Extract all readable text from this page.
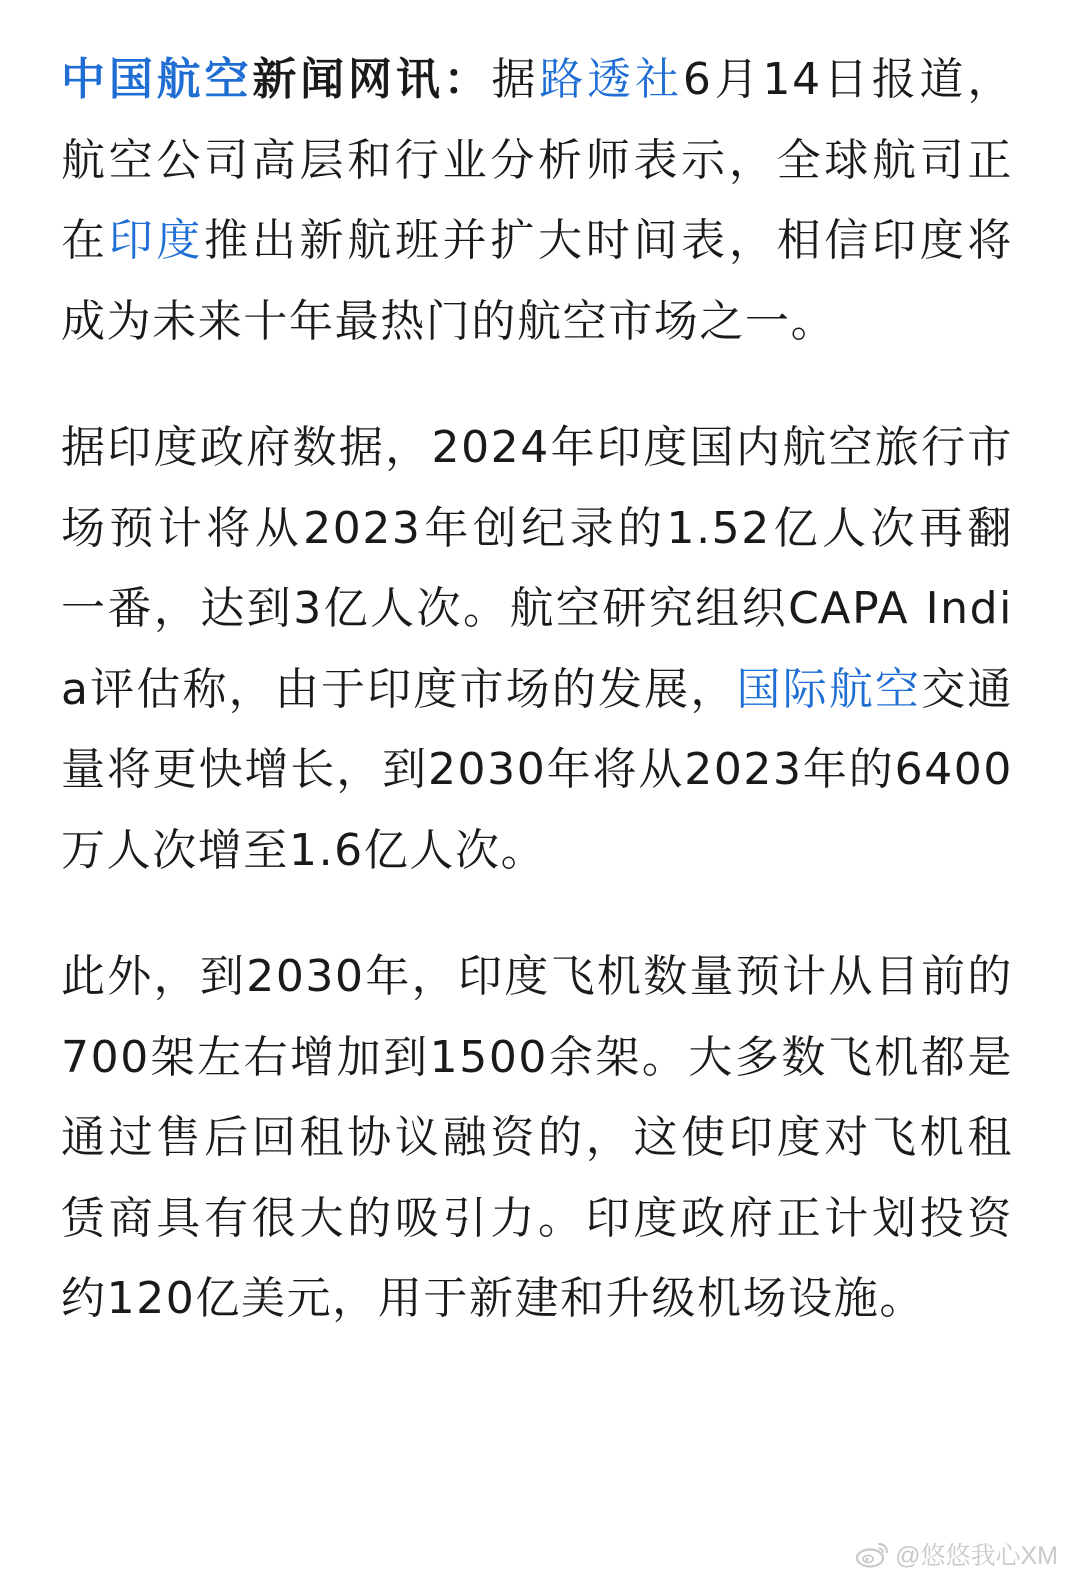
中国航空新闻网讯：据路透社6月14日报道，航空公司高层和行业分析师表示，全球航司正在印度推出新航班并扩大时间表，相信印度将成为未来十年最热门的航空市场之一。

据印度政府数据，2024年印度国内航空旅行市场预计将从2023年创纪录的1.52亿人次再翻一番，达到3亿人次。航空研究组织CAPA India评估称，由于印度市场的发展，国际航空交通量将更快增长，到2030年将从2023年的6400万人次增至1.6亿人次。

此外，到2030年，印度飞机数量预计从目前的700架左右增加到1500余架。大多数飞机都是通过售后回租协议融资的，这使印度对飞机租赁商具有很大的吸引力。印度政府正计划投资约120亿美元，用于新建和升级机场设施。

@悠悠我心XM
